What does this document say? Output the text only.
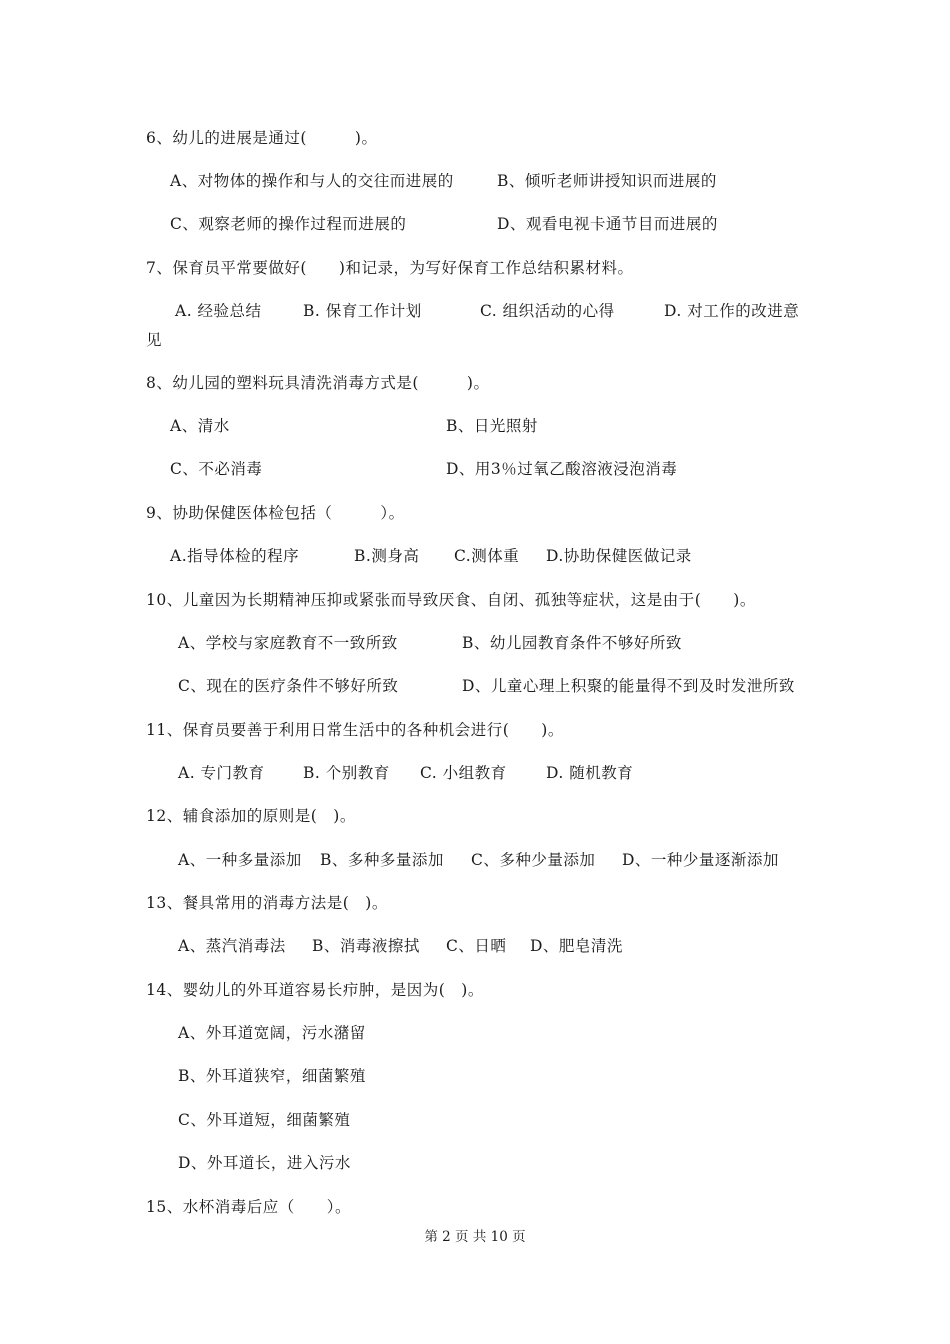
6、幼儿的进展是通过(　　　)。
A、对物体的操作和与人的交往而进展的	B、倾听老师讲授知识而进展的
C、观察老师的操作过程而进展的	D、观看电视卡通节目而进展的
7、保育员平常要做好(　　)和记录，为写好保育工作总结积累材料。
A. 经验总结	B. 保育工作计划	C. 组织活动的心得	D. 对工作的改进意
见
8、幼儿园的塑料玩具清洗消毒方式是(　　　)。
A、清水	B、日光照射
C、不必消毒	D、用3％过氧乙酸溶液浸泡消毒
9、协助保健医体检包括（　　　）。
A.指导体检的程序	B.测身高 C.测体重 D.协助保健医做记录
10、儿童因为长期精神压抑或紧张而导致厌食、自闭、孤独等症状，这是由于(　　)。
A、学校与家庭教育不一致所致	B、幼儿园教育条件不够好所致
C、现在的医疗条件不够好所致	D、儿童心理上积聚的能量得不到及时发泄所致
11、保育员要善于利用日常生活中的各种机会进行(　　)。
A. 专门教育 B. 个别教育 C. 小组教育	D. 随机教育
12、辅食添加的原则是(　)。
A、一种多量添加 B、多种多量添加 C、多种少量添加 D、一种少量逐渐添加
13、餐具常用的消毒方法是(　)。
A、蒸汽消毒法 B、消毒液擦拭 C、日晒 D、肥皂清洗
14、婴幼儿的外耳道容易长疖肿，是因为(　)。
A、外耳道宽阔，污水潴留
B、外耳道狭窄，细菌繁殖
C、外耳道短，细菌繁殖
D、外耳道长，进入污水
15、水杯消毒后应（　　）。
第 2 页 共 10 页
